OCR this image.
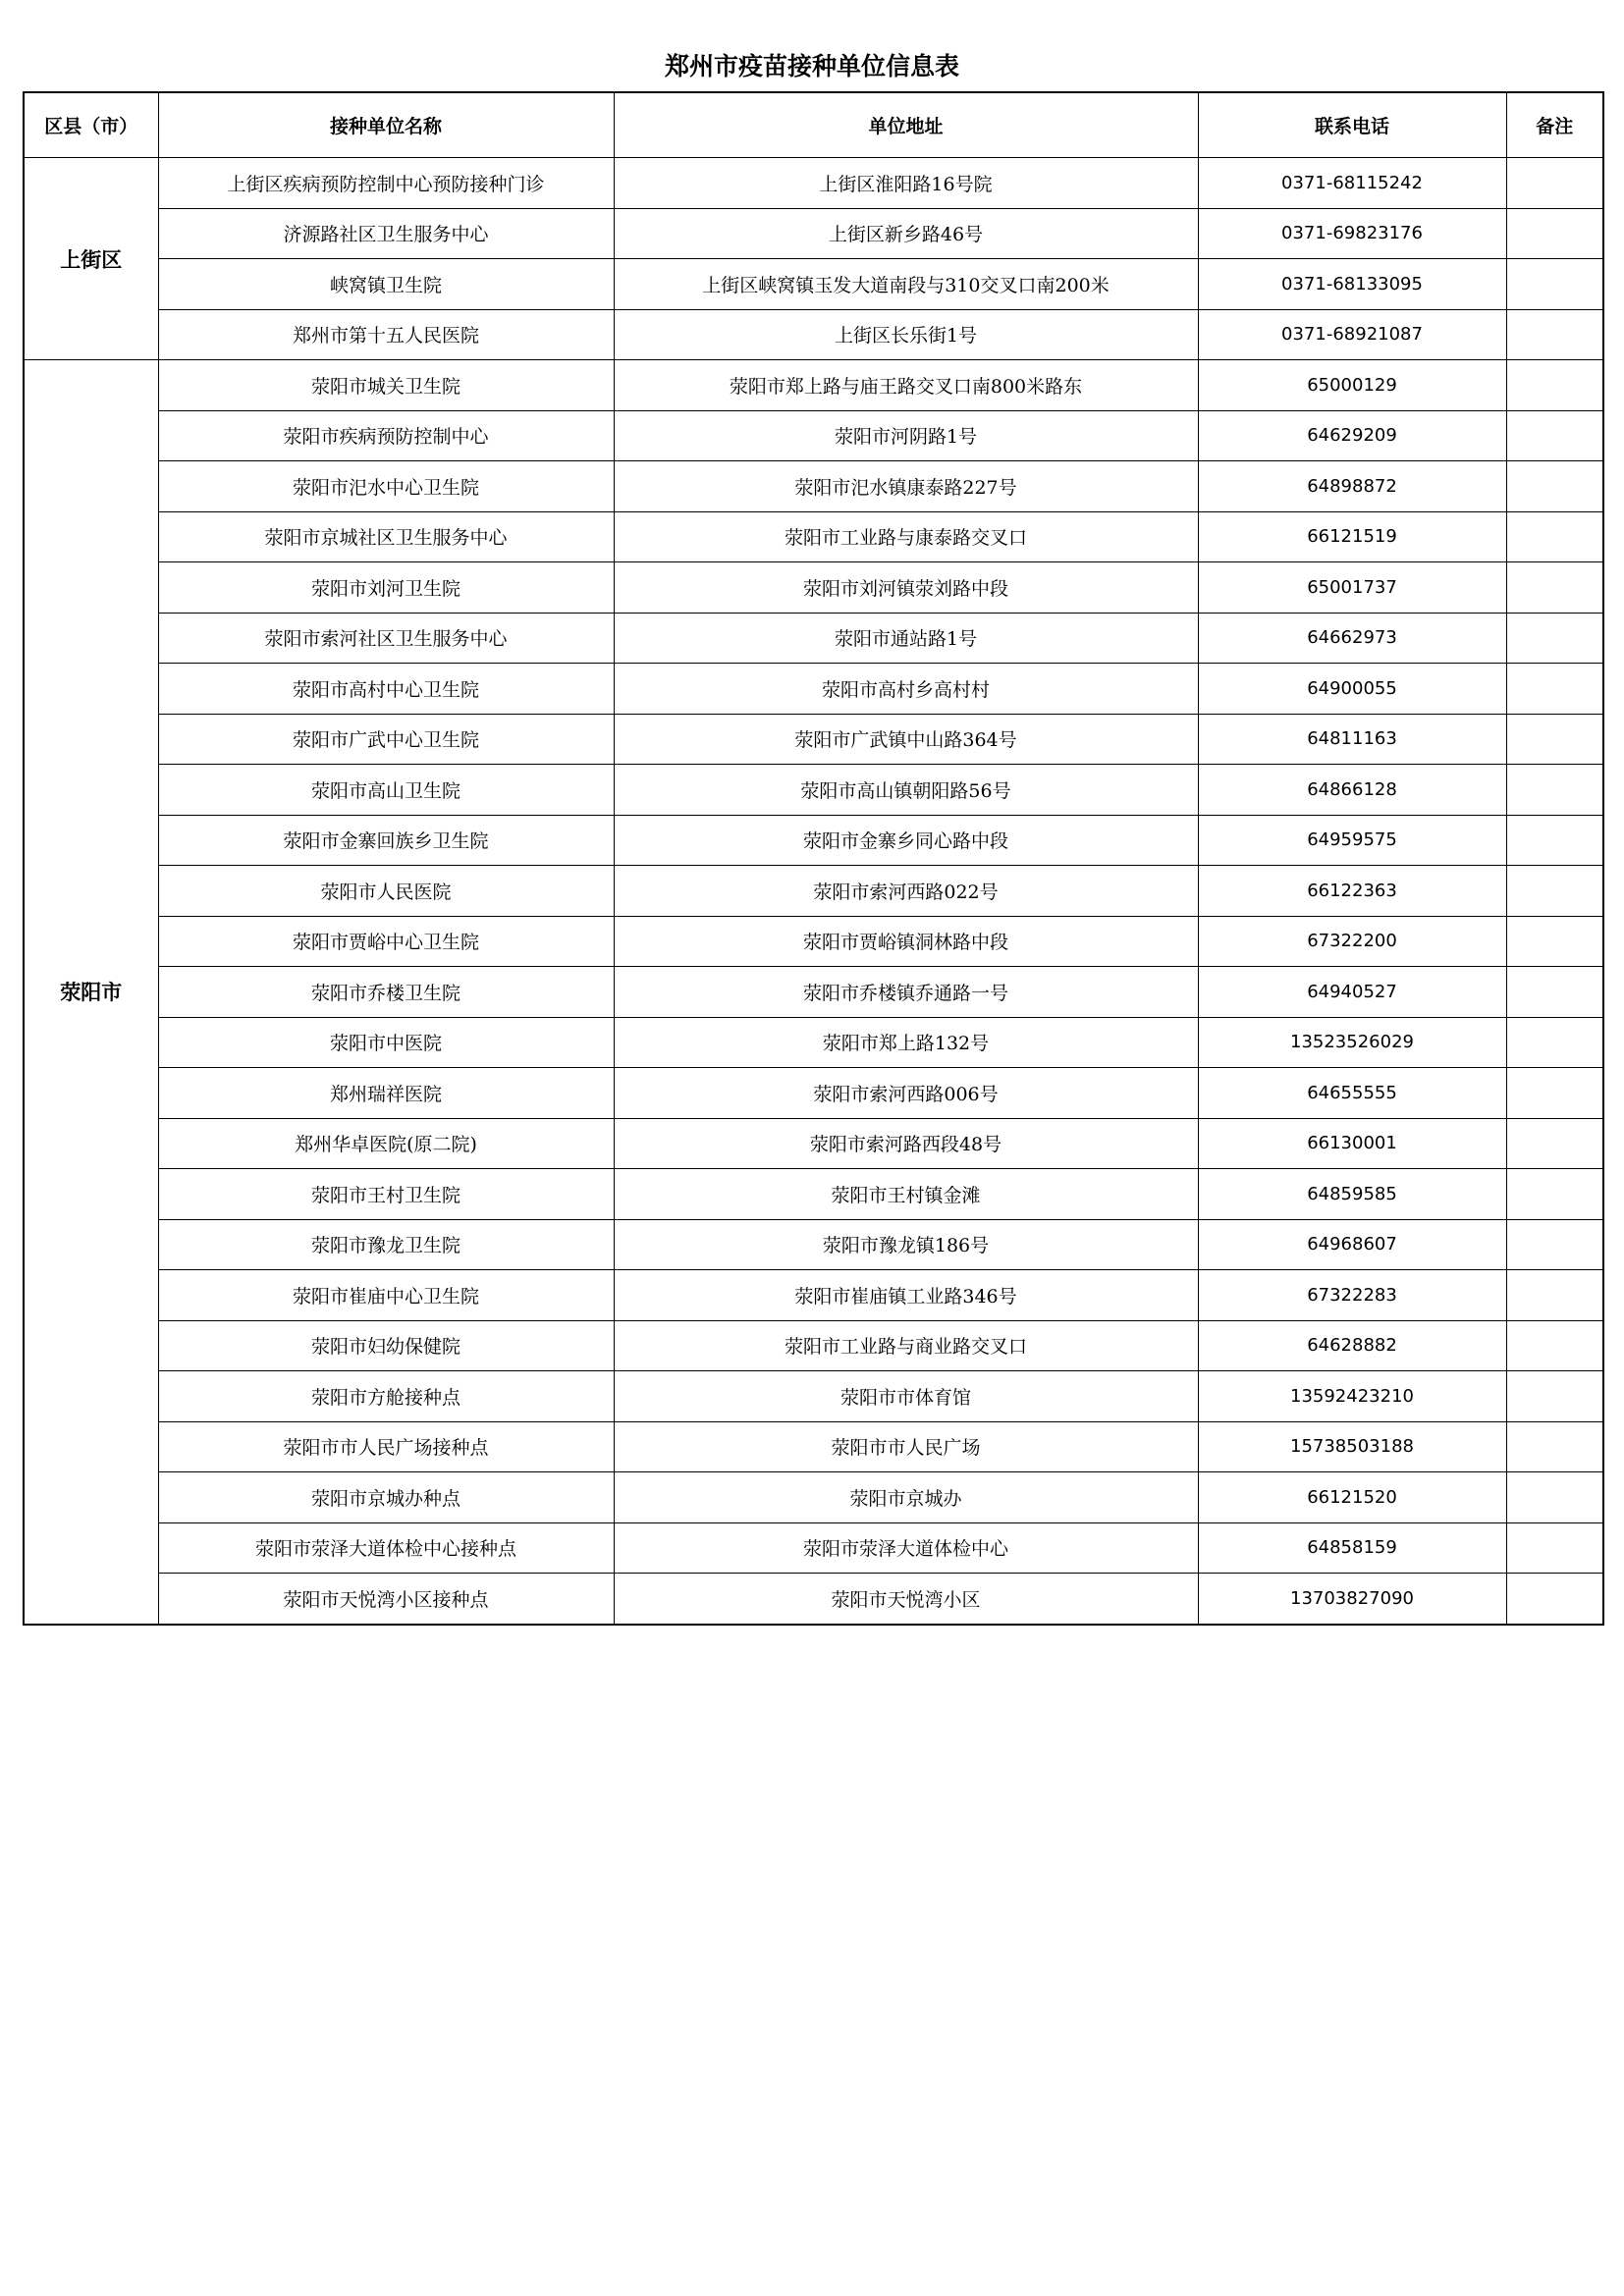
郑州市疫苗接种单位信息表
区县（市）	接种单位名称	单位地址	联系电话	备注
上街区	上街区疾病预防控制中心预防接种门诊	上街区淮阳路16号院	0371-68115242	
	济源路社区卫生服务中心	上街区新乡路46号	0371-69823176	
	峡窝镇卫生院	上街区峡窝镇玉发大道南段与310交叉口南200米	0371-68133095	
	郑州市第十五人民医院	上街区长乐街1号	0371-68921087	
荥阳市	荥阳市城关卫生院	荥阳市郑上路与庙王路交叉口南800米路东	65000129	
	荥阳市疾病预防控制中心	荥阳市河阴路1号	64629209	
	荥阳市汜水中心卫生院	荥阳市汜水镇康泰路227号	64898872	
	荥阳市京城社区卫生服务中心	荥阳市工业路与康泰路交叉口	66121519	
	荥阳市刘河卫生院	荥阳市刘河镇荥刘路中段	65001737	
	荥阳市索河社区卫生服务中心	荥阳市通站路1号	64662973	
	荥阳市高村中心卫生院	荥阳市高村乡高村村	64900055	
	荥阳市广武中心卫生院	荥阳市广武镇中山路364号	64811163	
	荥阳市高山卫生院	荥阳市高山镇朝阳路56号	64866128	
	荥阳市金寨回族乡卫生院	荥阳市金寨乡同心路中段	64959575	
	荥阳市人民医院	荥阳市索河西路022号	66122363	
	荥阳市贾峪中心卫生院	荥阳市贾峪镇洞林路中段	67322200	
	荥阳市乔楼卫生院	荥阳市乔楼镇乔通路一号	64940527	
	荥阳市中医院	荥阳市郑上路132号	13523526029	
	郑州瑞祥医院	荥阳市索河西路006号	64655555	
	郑州华卓医院(原二院)	荥阳市索河路西段48号	66130001	
	荥阳市王村卫生院	荥阳市王村镇金滩	64859585	
	荥阳市豫龙卫生院	荥阳市豫龙镇186号	64968607	
	荥阳市崔庙中心卫生院	荥阳市崔庙镇工业路346号	67322283	
	荥阳市妇幼保健院	荥阳市工业路与商业路交叉口	64628882	
	荥阳市方舱接种点	荥阳市市体育馆	13592423210	
	荥阳市市人民广场接种点	荥阳市市人民广场	15738503188	
	荥阳市京城办种点	荥阳市京城办	66121520	
	荥阳市荥泽大道体检中心接种点	荥阳市荥泽大道体检中心	64858159	
	荥阳市天悦湾小区接种点	荥阳市天悦湾小区	13703827090	
